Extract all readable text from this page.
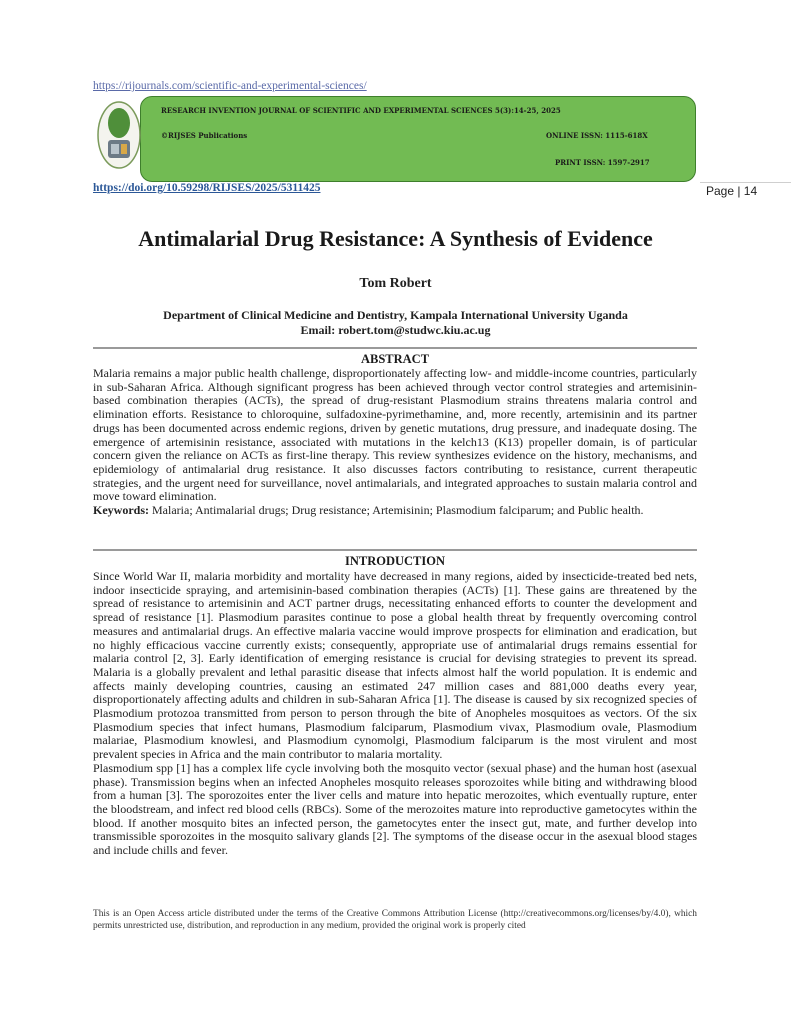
https://rijournals.com/scientific-and-experimental-sciences/
RESEARCH INVENTION JOURNAL OF SCIENTIFIC AND EXPERIMENTAL SCIENCES 5(3):14-25, 2025
©RIJSES Publications	ONLINE ISSN: 1115-618X
PRINT ISSN: 1597-2917
https://doi.org/10.59298/RIJSES/2025/5311425	Page | 14
Antimalarial Drug Resistance: A Synthesis of Evidence
Tom Robert
Department of Clinical Medicine and Dentistry, Kampala International University Uganda
Email: robert.tom@studwc.kiu.ac.ug
ABSTRACT
Malaria remains a major public health challenge, disproportionately affecting low- and middle-income countries, particularly in sub-Saharan Africa. Although significant progress has been achieved through vector control strategies and artemisinin-based combination therapies (ACTs), the spread of drug-resistant Plasmodium strains threatens malaria control and elimination efforts. Resistance to chloroquine, sulfadoxine-pyrimethamine, and, more recently, artemisinin and its partner drugs has been documented across endemic regions, driven by genetic mutations, drug pressure, and inadequate dosing. The emergence of artemisinin resistance, associated with mutations in the kelch13 (K13) propeller domain, is of particular concern given the reliance on ACTs as first-line therapy. This review synthesizes evidence on the history, mechanisms, and epidemiology of antimalarial drug resistance. It also discusses factors contributing to resistance, current therapeutic strategies, and the urgent need for surveillance, novel antimalarials, and integrated approaches to sustain malaria control and move toward elimination.
Keywords: Malaria; Antimalarial drugs; Drug resistance; Artemisinin; Plasmodium falciparum; and Public health.
INTRODUCTION
Since World War II, malaria morbidity and mortality have decreased in many regions, aided by insecticide-treated bed nets, indoor insecticide spraying, and artemisinin-based combination therapies (ACTs) [1]. These gains are threatened by the spread of resistance to artemisinin and ACT partner drugs, necessitating enhanced efforts to counter the development and spread of resistance [1]. Plasmodium parasites continue to pose a global health threat by frequently overcoming control measures and antimalarial drugs. An effective malaria vaccine would improve prospects for elimination and eradication, but no highly efficacious vaccine currently exists; consequently, appropriate use of antimalarial drugs remains essential for malaria control [2, 3]. Early identification of emerging resistance is crucial for devising strategies to prevent its spread. Malaria is a globally prevalent and lethal parasitic disease that infects almost half the world population. It is endemic and affects mainly developing countries, causing an estimated 247 million cases and 881,000 deaths every year, disproportionately affecting adults and children in sub-Saharan Africa [1]. The disease is caused by six recognized species of Plasmodium protozoa transmitted from person to person through the bite of Anopheles mosquitoes as vectors. Of the six Plasmodium species that infect humans, Plasmodium falciparum, Plasmodium vivax, Plasmodium ovale, Plasmodium malariae, Plasmodium knowlesi, and Plasmodium cynomolgi, Plasmodium falciparum is the most virulent and most prevalent species in Africa and the main contributor to malaria mortality.
Plasmodium spp [1] has a complex life cycle involving both the mosquito vector (sexual phase) and the human host (asexual phase). Transmission begins when an infected Anopheles mosquito releases sporozoites while biting and withdrawing blood from a human [3]. The sporozoites enter the liver cells and mature into hepatic merozoites, which eventually rupture, enter the bloodstream, and infect red blood cells (RBCs). Some of the merozoites mature into reproductive gametocytes within the blood. If another mosquito bites an infected person, the gametocytes enter the insect gut, mate, and further develop into transmissible sporozoites in the mosquito salivary glands [2]. The symptoms of the disease occur in the asexual blood stages and include chills and fever.
This is an Open Access article distributed under the terms of the Creative Commons Attribution License (http://creativecommons.org/licenses/by/4.0), which permits unrestricted use, distribution, and reproduction in any medium, provided the original work is properly cited
